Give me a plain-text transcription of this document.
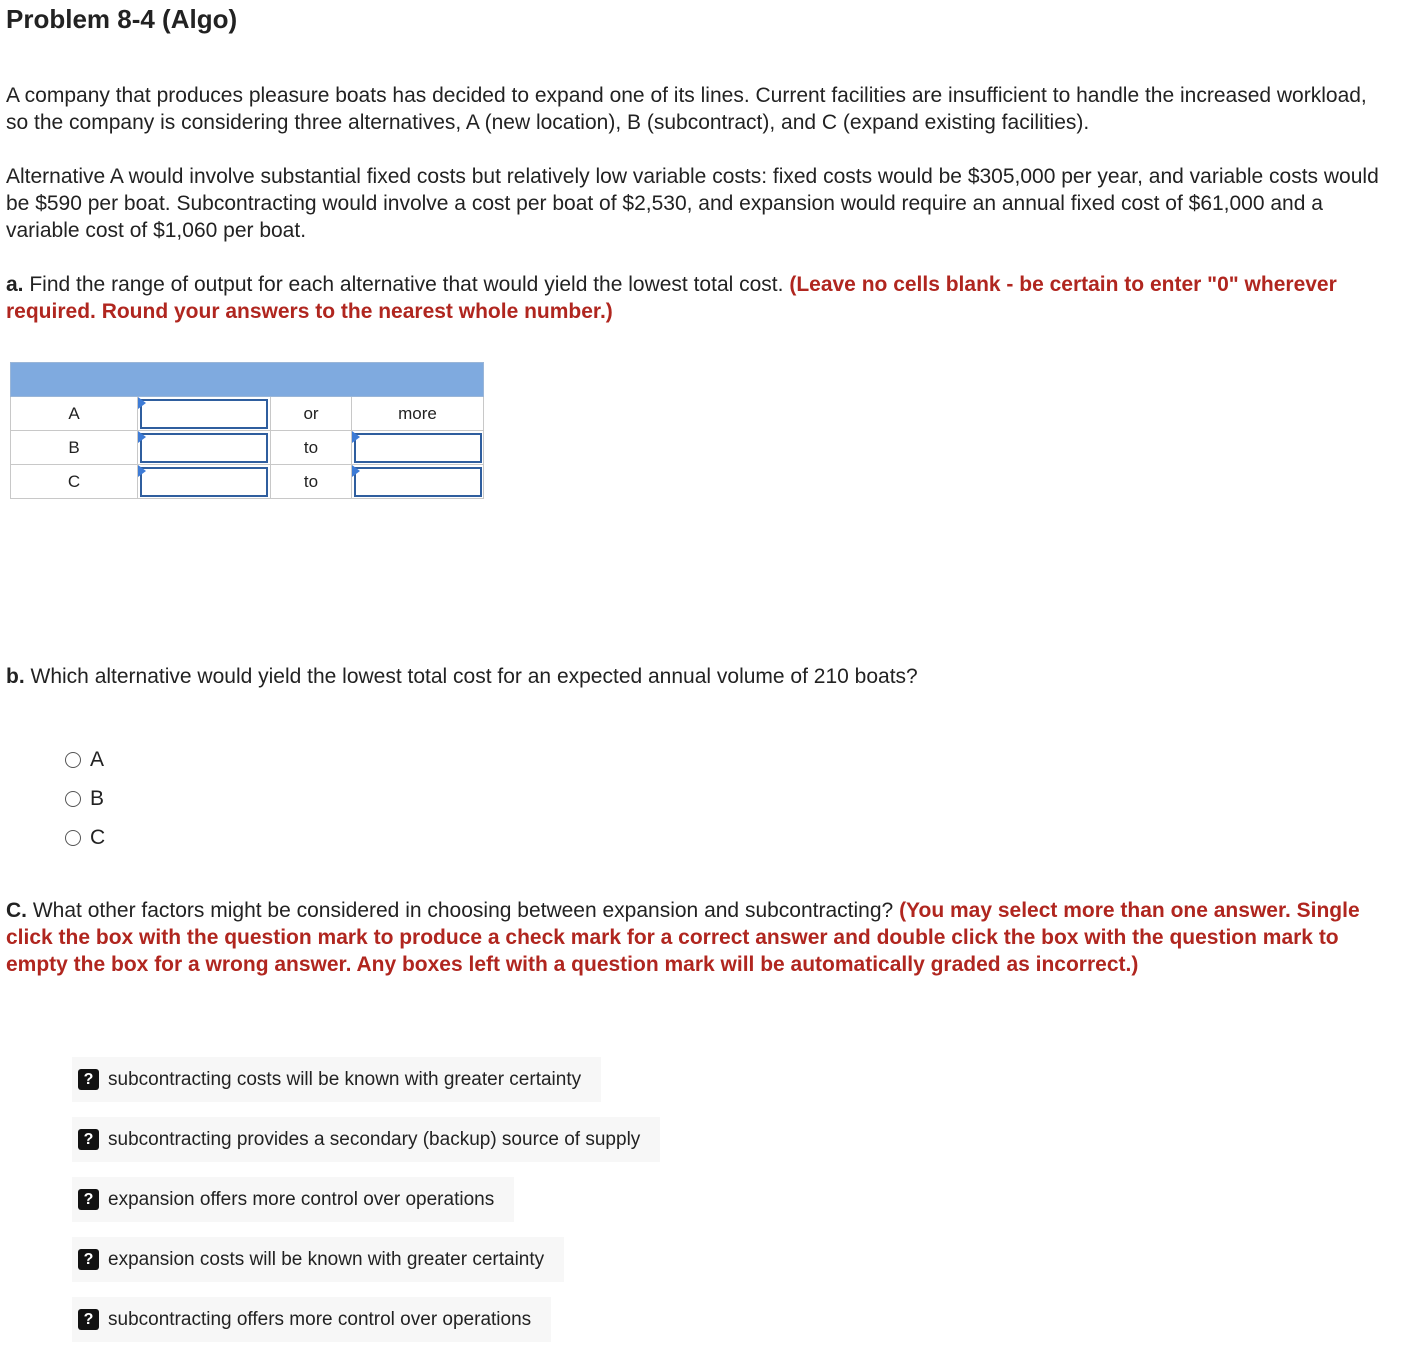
Problem 8-4 (Algo)
A company that produces pleasure boats has decided to expand one of its lines. Current facilities are insufficient to handle the increased workload, so the company is considering three alternatives, A (new location), B (subcontract), and C (expand existing facilities).
Alternative A would involve substantial fixed costs but relatively low variable costs: fixed costs would be $305,000 per year, and variable costs would be $590 per boat. Subcontracting would involve a cost per boat of $2,530, and expansion would require an annual fixed cost of $61,000 and a variable cost of $1,060 per boat.
a. Find the range of output for each alternative that would yield the lowest total cost. (Leave no cells blank - be certain to enter "0" wherever required. Round your answers to the nearest whole number.)

A		or	more
B		to	

C		to	
b. Which alternative would yield the lowest total cost for an expected annual volume of 210 boats?
A
B
C
C. What other factors might be considered in choosing between expansion and subcontracting? (You may select more than one answer. Single click the box with the question mark to produce a check mark for a correct answer and double click the box with the question mark to empty the box for a wrong answer. Any boxes left with a question mark will be automatically graded as incorrect.)
? subcontracting costs will be known with greater certainty
? subcontracting provides a secondary (backup) source of supply
? expansion offers more control over operations
? expansion costs will be known with greater certainty
? subcontracting offers more control over operations
